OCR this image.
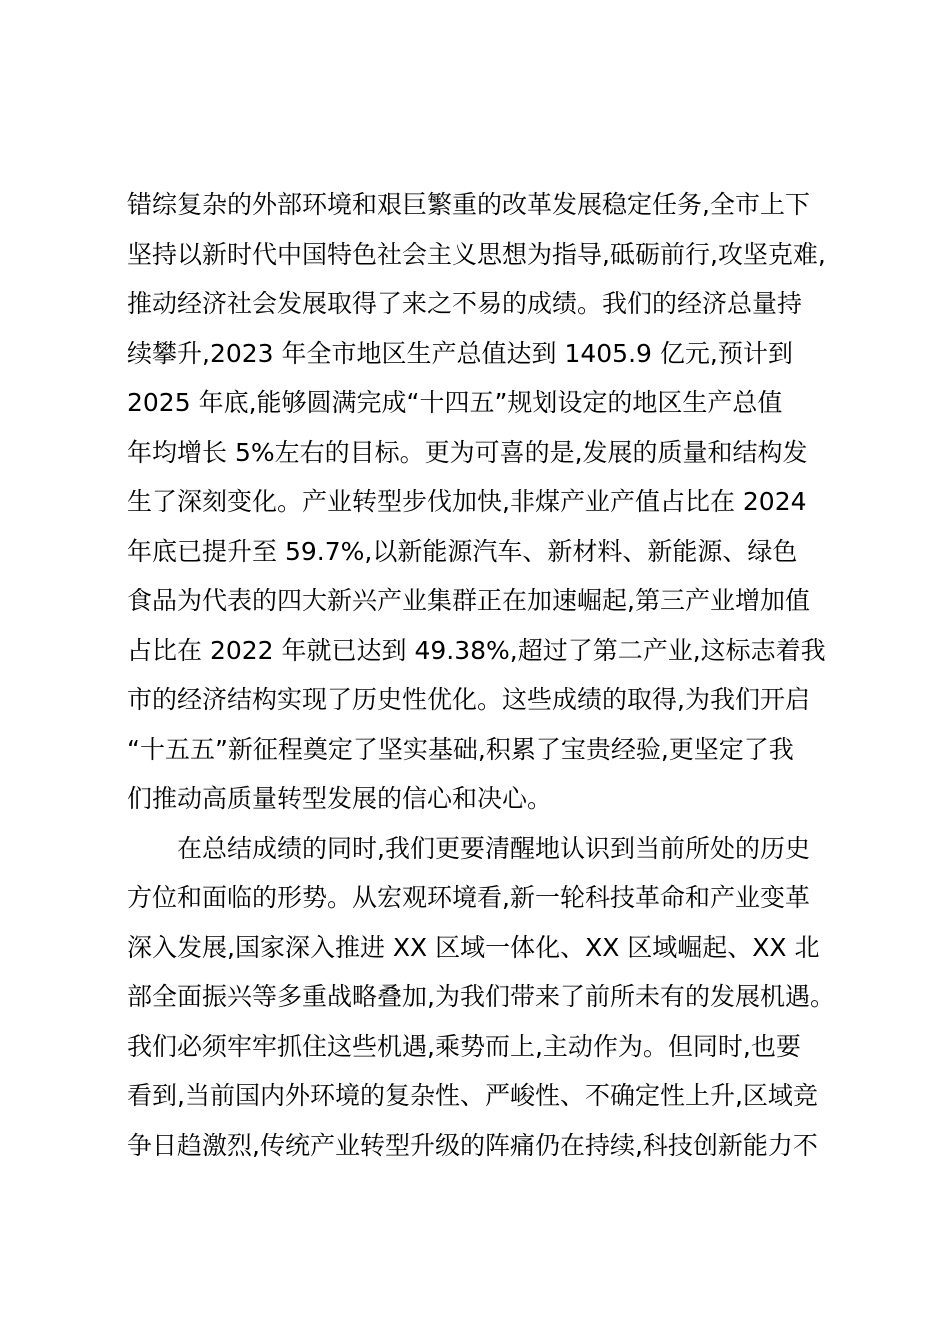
错综复杂的外部环境和艰巨繁重的改革发展稳定任务,全市上下
坚持以新时代中国特色社会主义思想为指导,砥砺前行,攻坚克难,
推动经济社会发展取得了来之不易的成绩。我们的经济总量持
续攀升,2023 年全市地区生产总值达到 1405.9 亿元,预计到
2025 年底,能够圆满完成“十四五”规划设定的地区生产总值
年均增长 5%左右的目标。更为可喜的是,发展的质量和结构发
生了深刻变化。产业转型步伐加快,非煤产业产值占比在 2024
年底已提升至 59.7%,以新能源汽车、新材料、新能源、绿色
食品为代表的四大新兴产业集群正在加速崛起,第三产业增加值
占比在 2022 年就已达到 49.38%,超过了第二产业,这标志着我
市的经济结构实现了历史性优化。这些成绩的取得,为我们开启
“十五五”新征程奠定了坚实基础,积累了宝贵经验,更坚定了我
们推动高质量转型发展的信心和决心。
在总结成绩的同时,我们更要清醒地认识到当前所处的历史
方位和面临的形势。从宏观环境看,新一轮科技革命和产业变革
深入发展,国家深入推进 XX 区域一体化、XX 区域崛起、XX 北
部全面振兴等多重战略叠加,为我们带来了前所未有的发展机遇。
我们必须牢牢抓住这些机遇,乘势而上,主动作为。但同时,也要
看到,当前国内外环境的复杂性、严峻性、不确定性上升,区域竞
争日趋激烈,传统产业转型升级的阵痛仍在持续,科技创新能力不
